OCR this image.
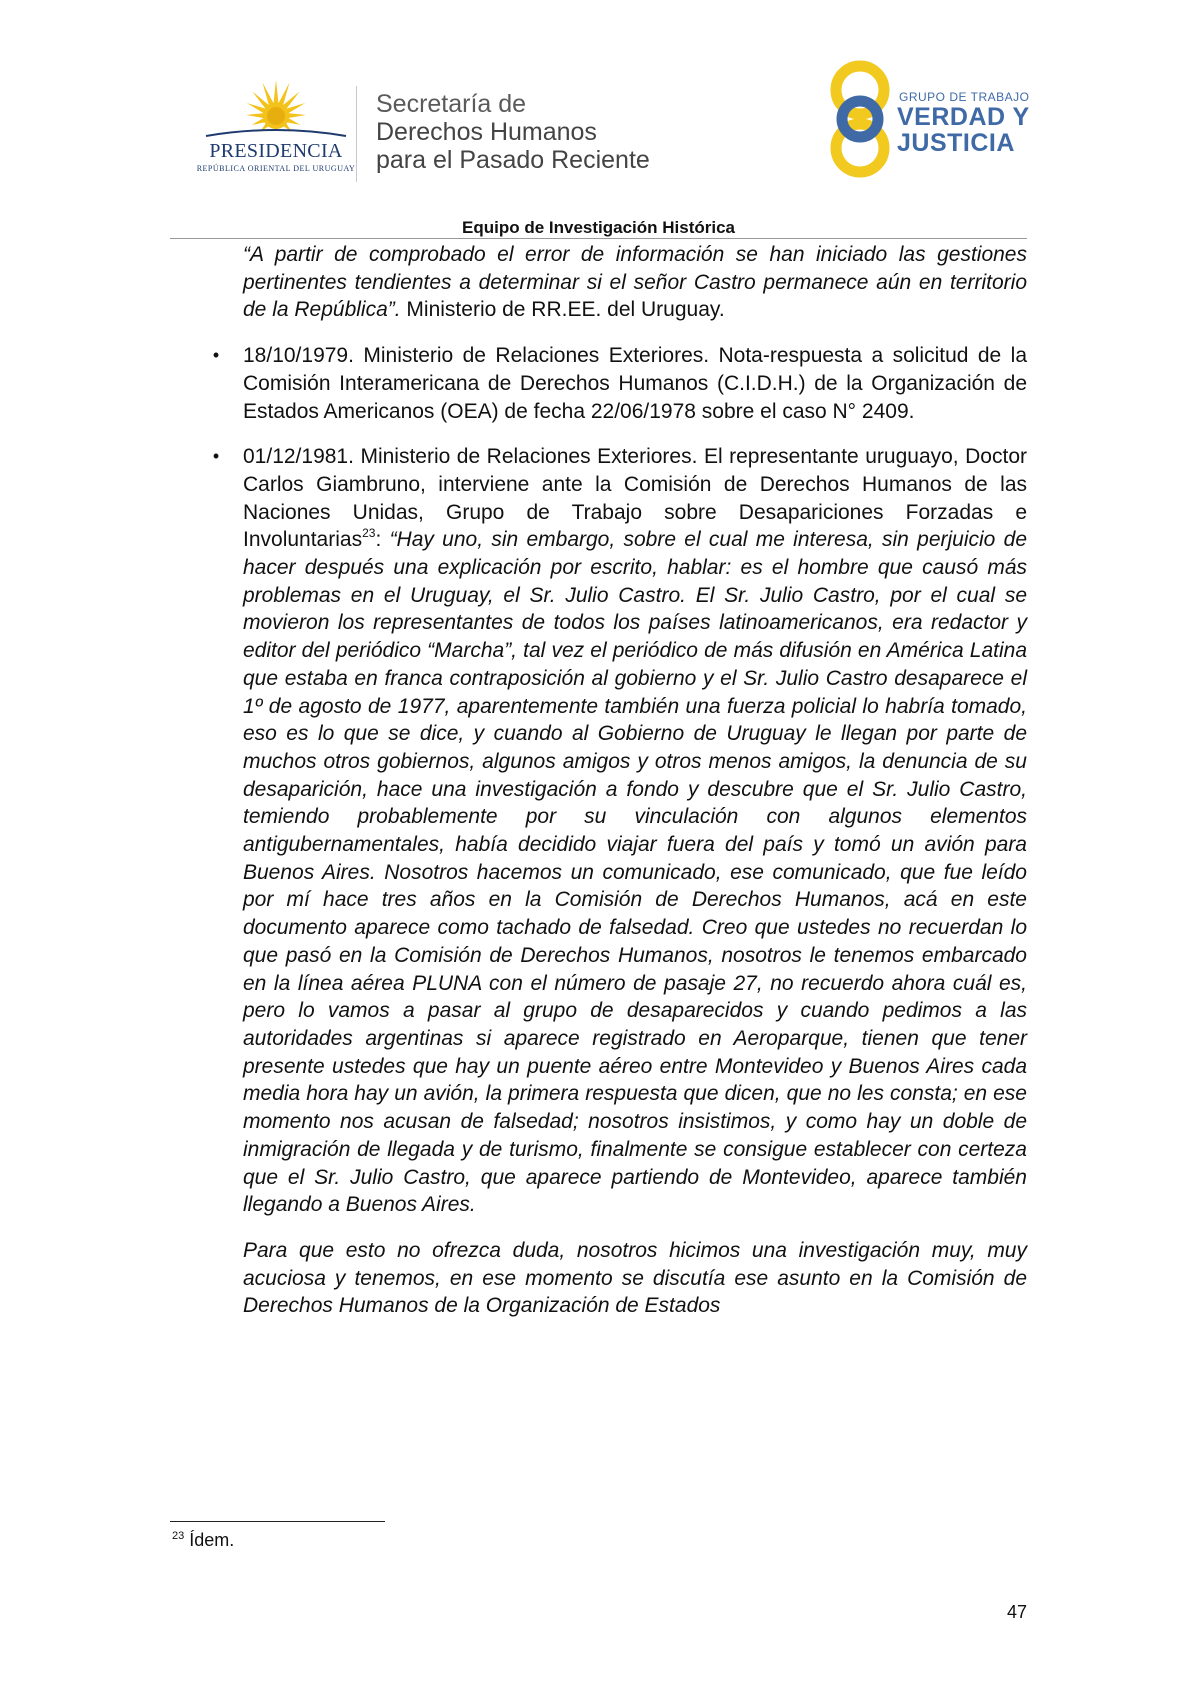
PRESIDENCIA
REPÚBLICA ORIENTAL DEL URUGUAY
Secretaría de
Derechos Humanos
para el Pasado Reciente
GRUPO DE TRABAJO
VERDAD Y
JUSTICIA
Equipo de Investigación Histórica

“A partir de comprobado el error de información se han iniciado las gestiones pertinentes tendientes a determinar si el señor Castro permanece aún en territorio de la República”. Ministerio de RR.EE. del Uruguay.

• 18/10/1979. Ministerio de Relaciones Exteriores. Nota-respuesta a solicitud de la Comisión Interamericana de Derechos Humanos (C.I.D.H.) de la Organización de Estados Americanos (OEA) de fecha 22/06/1978 sobre el caso N° 2409.

• 01/12/1981. Ministerio de Relaciones Exteriores. El representante uruguayo, Doctor Carlos Giambruno, interviene ante la Comisión de Derechos Humanos de las Naciones Unidas, Grupo de Trabajo sobre Desapariciones Forzadas e Involuntarias$^{23}$: “Hay uno, sin embargo, sobre el cual me interesa, sin perjuicio de hacer después una explicación por escrito, hablar: es el hombre que causó más problemas en el Uruguay, el Sr. Julio Castro. El Sr. Julio Castro, por el cual se movieron los representantes de todos los países latinoamericanos, era redactor y editor del periódico “Marcha”, tal vez el periódico de más difusión en América Latina que estaba en franca contraposición al gobierno y el Sr. Julio Castro desaparece el 1º de agosto de 1977, aparentemente también una fuerza policial lo habría tomado, eso es lo que se dice, y cuando al Gobierno de Uruguay le llegan por parte de muchos otros gobiernos, algunos amigos y otros menos amigos, la denuncia de su desaparición, hace una investigación a fondo y descubre que el Sr. Julio Castro, temiendo probablemente por su vinculación con algunos elementos antigubernamentales, había decidido viajar fuera del país y tomó un avión para Buenos Aires. Nosotros hacemos un comunicado, ese comunicado, que fue leído por mí hace tres años en la Comisión de Derechos Humanos, acá en este documento aparece como tachado de falsedad. Creo que ustedes no recuerdan lo que pasó en la Comisión de Derechos Humanos, nosotros le tenemos embarcado en la línea aérea PLUNA con el número de pasaje 27, no recuerdo ahora cuál es, pero lo vamos a pasar al grupo de desaparecidos y cuando pedimos a las autoridades argentinas si aparece registrado en Aeroparque, tienen que tener presente ustedes que hay un puente aéreo entre Montevideo y Buenos Aires cada media hora hay un avión, la primera respuesta que dicen, que no les consta; en ese momento nos acusan de falsedad; nosotros insistimos, y como hay un doble de inmigración de llegada y de turismo, finalmente se consigue establecer con certeza que el Sr. Julio Castro, que aparece partiendo de Montevideo, aparece también llegando a Buenos Aires.

Para que esto no ofrezca duda, nosotros hicimos una investigación muy, muy acuciosa y tenemos, en ese momento se discutía ese asunto en la Comisión de Derechos Humanos de la Organización de Estados

$^{23}$ Ídem.
47
